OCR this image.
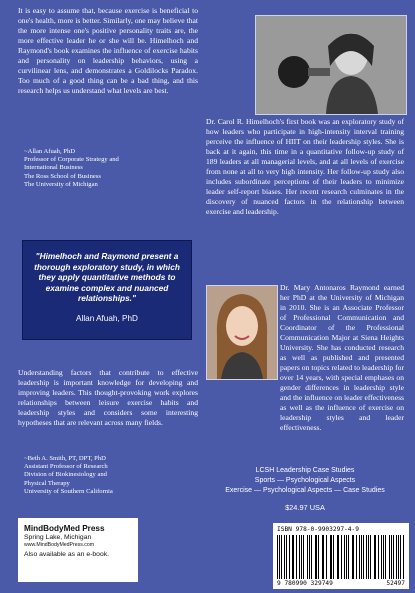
It is easy to assume that, because exercise is beneficial to one's health, more is better. Similarly, one may believe that the more intense one's positive personality traits are, the more effective leader he or she will be. Himelhoch and Raymond's book examines the influence of exercise habits and personality on leadership behaviors, using a curvilinear lens, and demonstrates a Goldilocks Paradox. Too much of a good thing can be a bad thing, and this research helps us understand what levels are best.

~Allan Afuah, PhD

Professor of Corporate Strategy and

International Business

The Ross School of Business

The University of Michigan

Understanding factors that contribute to effective leadership is important knowledge for developing and improving leaders. This thought-provoking work explores relationships between leisure exercise habits and leadership styles and considers some interesting hypotheses that are relevant across many fields.

~Beth A. Smith, PT, DPT, PhD

Assistant Professor of Research

Division of Biokinesiology and

Physical Therapy

University of Southern California

"Himelhoch and Raymond present a thorough exploratory study, in which they apply quantitative methods to examine complex and nuanced relationships."

Allan Afuah, PhD

MindBodyMed Press

Spring Lake, Michigan

www.MindBodyMedPress.com

Also available as an e-book.

Dr. Carol R. Himelhoch's first book was an exploratory study of how leaders who participate in high-intensity interval training perceive the influence of HIIT on their leadership styles. She is back at it again, this time in a quantitative follow-up study of 189 leaders at all managerial levels, and at all levels of exercise from none at all to very high intensity. Her follow-up study also includes subordinate perceptions of their leaders to minimize leader self-report biases. Her recent research culminates in the discovery of nuanced factors in the relationship between exercise and leadership.

Dr. Mary Antonaros Raymond earned her PhD at the University of Michigan in 2010. She is an Associate Professor of Professional Communication and Coordinator of the Professional Communication Major at Siena Heights University. She has conducted research as well as published and presented papers on topics related to leadership for over 14 years, with special emphases on gender differences in leadership style and the influence on leader effectiveness as well as the influence of exercise on leadership styles and leader effectiveness.

LCSH Leadership Case Studies
Sports — Psychological Aspects
Exercise — Psychological Aspects — Case Studies
$24.97 USA
ISBN 978-0-9903297-4-9
9 780990 329749	52497
